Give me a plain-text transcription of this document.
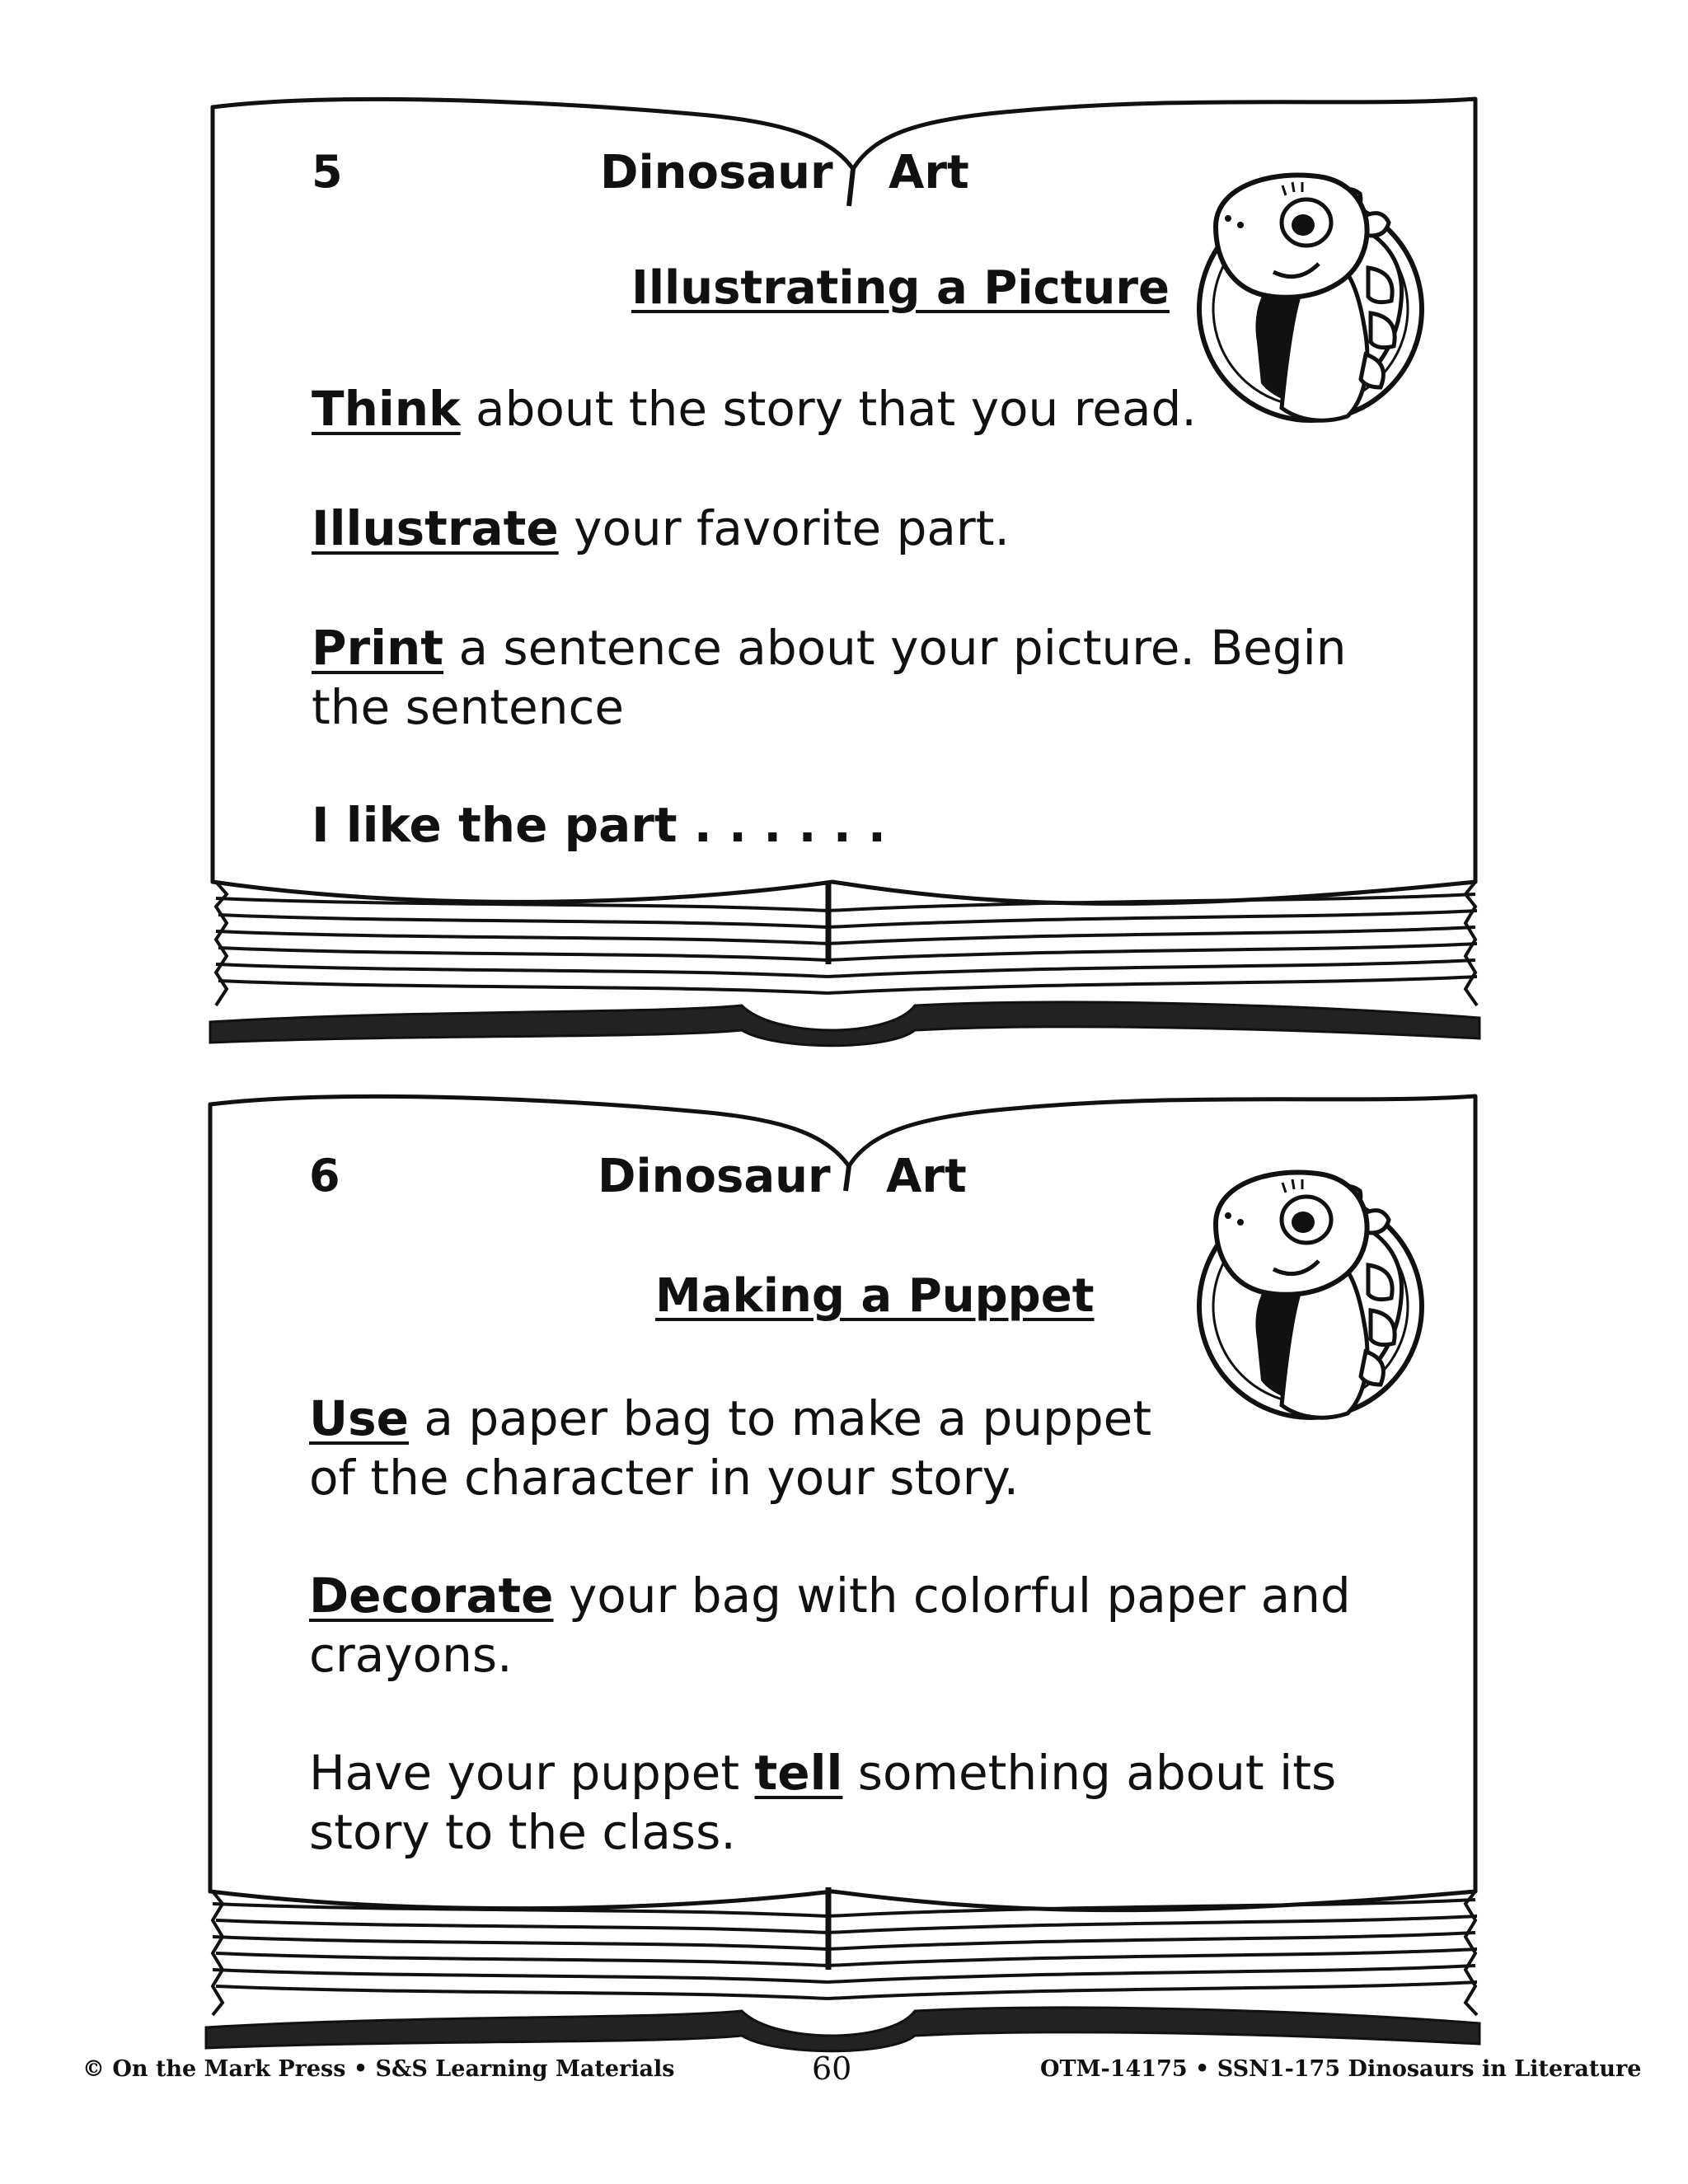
5	Dinosaur Art
Illustrating a Picture
Think about the story that you read.
Illustrate your favorite part.
Print a sentence about your picture. Begin
the sentence
I like the part . . . . . .
6	Dinosaur Art
Making a Puppet
Use a paper bag to make a puppet
of the character in your story.
Decorate your bag with colorful paper and
crayons.
Have your puppet tell something about its
story to the class.
© On the Mark Press • S&S Learning Materials	60	OTM-14175 • SSN1-175 Dinosaurs in Literature
